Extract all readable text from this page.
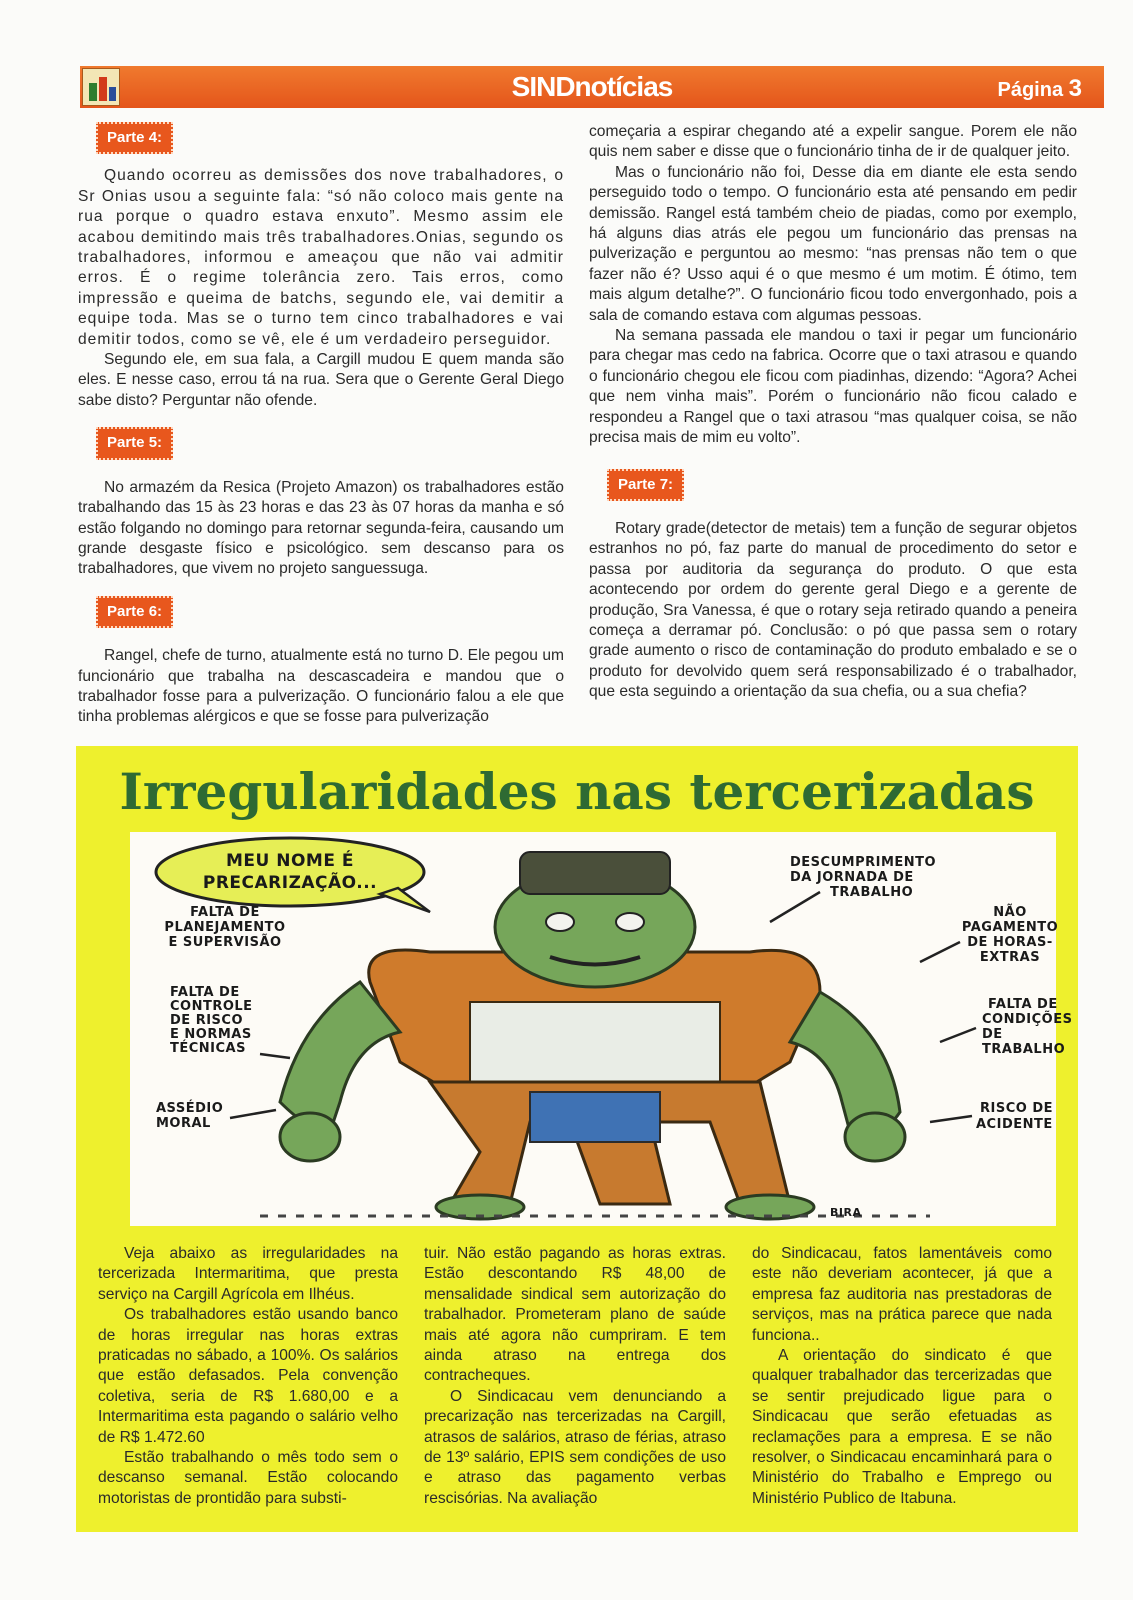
SINDnotícias	Página 3
Parte 4:

Quando ocorreu as demissões dos nove trabalhadores, o Sr Onias usou a seguinte fala: “só não coloco mais gente na rua porque o quadro estava enxuto”. Mesmo assim ele acabou demitindo mais três trabalhadores.Onias, segundo os trabalhadores, informou e ameaçou que não vai admitir erros. É o regime tolerância zero. Tais erros, como impressão e queima de batchs, segundo ele, vai demitir a equipe toda. Mas se o turno tem cinco trabalhadores e vai demitir todos, como se vê, ele é um verdadeiro perseguidor.

Segundo ele, em sua fala, a Cargill mudou E quem manda são eles. E nesse caso, errou tá na rua. Sera que o Gerente Geral Diego sabe disto? Perguntar não ofende.

Parte 5:

No armazém da Resica (Projeto Amazon) os trabalhadores estão trabalhando das 15 às 23 horas e das 23 às 07 horas da manha e só estão folgando no domingo para retornar segunda-feira, causando um grande desgaste físico e psicológico. sem descanso para os trabalhadores, que vivem no projeto sanguessuga.

Parte 6:

Rangel, chefe de turno, atualmente está no turno D. Ele pegou um funcionário que trabalha na descascadeira e mandou que o trabalhador fosse para a pulverização. O funcionário falou a ele que tinha problemas alérgicos e que se fosse para pulverização

começaria a espirar chegando até a expelir sangue. Porem ele não quis nem saber e disse que o funcionário tinha de ir de qualquer jeito.

Mas o funcionário não foi, Desse dia em diante ele esta sendo perseguido todo o tempo. O funcionário esta até pensando em pedir demissão. Rangel está também cheio de piadas, como por exemplo, há alguns dias atrás ele pegou um funcionário das prensas na pulverização e perguntou ao mesmo: “nas prensas não tem o que fazer não é? Usso aqui é o que mesmo é um motim. É ótimo, tem mais algum detalhe?”. O funcionário ficou todo envergonhado, pois a sala de comando estava com algumas pessoas.

Na semana passada ele mandou o taxi ir pegar um funcionário para chegar mas cedo na fabrica. Ocorre que o taxi atrasou e quando o funcionário chegou ele ficou com piadinhas, dizendo: “Agora? Achei que nem vinha mais”. Porém o funcionário não ficou calado e respondeu a Rangel que o taxi atrasou “mas qualquer coisa, se não precisa mais de mim eu volto”.

Parte 7:

Rotary grade(detector de metais) tem a função de segurar objetos estranhos no pó, faz parte do manual de procedimento do setor e passa por auditoria da segurança do produto. O que esta acontecendo por ordem do gerente geral Diego e a gerente de produção, Sra Vanessa, é que o rotary seja retirado quando a peneira começa a derramar pó. Conclusão: o pó que passa sem o rotary grade aumento o risco de contaminação do produto embalado e se o produto for devolvido quem será responsabilizado é o trabalhador, que esta seguindo a orientação da sua chefia, ou a sua chefia?

Irregularidades nas tercerizadas
MEU NOME É
PRECARIZAÇÃO...
FALTA DE
PLANEJAMENTO
E SUPERVISÃO
FALTA DE
CONTROLE
DE RISCO
E NORMAS
TÉCNICAS
ASSÉDIO
MORAL
DESCUMPRIMENTO
DA JORNADA DE
TRABALHO
NÃO
PAGAMENTO
DE HORAS-
EXTRAS
FALTA DE
CONDIÇÕES
DE
TRABALHO
RISCO DE
ACIDENTE
BIRA

Veja abaixo as irregularidades na tercerizada Intermaritima, que presta serviço na Cargill Agrícola em Ilhéus.

Os trabalhadores estão usando banco de horas irregular nas horas extras praticadas no sábado, a 100%. Os salários que estão defasados. Pela convenção coletiva, seria de R$ 1.680,00 e a Intermaritima esta pagando o salário velho de R$ 1.472.60

Estão trabalhando o mês todo sem o descanso semanal. Estão colocando motoristas de prontidão para substi-

tuir. Não estão pagando as horas extras. Estão descontando R$ 48,00 de mensalidade sindical sem autorização do trabalhador. Prometeram plano de saúde mais até agora não cumpriram. E tem ainda atraso na entrega dos contracheques.

O Sindicacau vem denunciando a precarização nas tercerizadas na Cargill, atrasos de salários, atraso de férias, atraso de 13º salário, EPIS sem condições de uso e atraso das pagamento verbas rescisórias. Na avaliação

do Sindicacau, fatos lamentáveis como este não deveriam acontecer, já que a empresa faz auditoria nas prestadoras de serviços, mas na prática parece que nada funciona..

A orientação do sindicato é que qualquer trabalhador das tercerizadas que se sentir prejudicado ligue para o Sindicacau que serão efetuadas as reclamações para a empresa. E se não resolver, o Sindicacau encaminhará para o Ministério do Trabalho e Emprego ou Ministério Publico de Itabuna.
